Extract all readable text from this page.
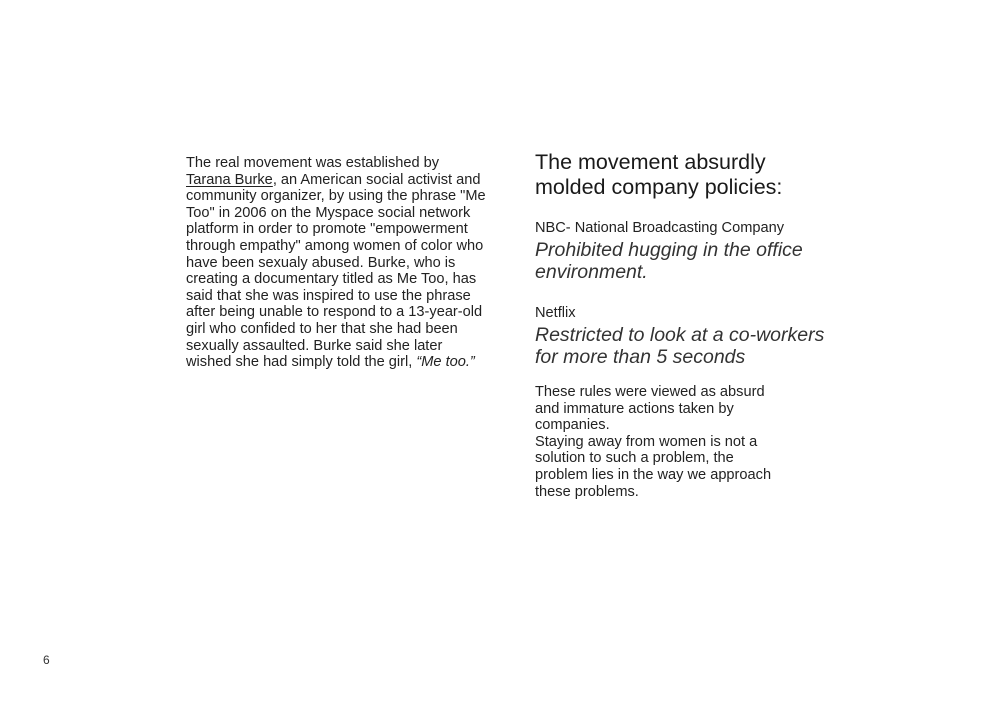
The real movement was established by Tarana Burke, an American social activist and community organizer, by using the phrase "Me Too" in 2006 on the Myspace social network platform in order to promote "empowerment through empathy" among women of color who have been sexualy abused. Burke, who is creating a documentary titled as Me Too, has said that she was inspired to use the phrase after being unable to respond to a 13-year-old girl who confided to her that she had been sexually assaulted. Burke said she later wished she had simply told the girl, “Me too.”

The movement absurdly molded company policies:

NBC- National Broadcasting Company

Prohibited hugging in the office environment.

Netflix

Restricted to look at a co-workers for more than 5 seconds

These rules were viewed as absurd and immature actions taken by companies.

Staying away from women is not a solution to such a problem, the problem lies in the way we approach these problems.

6
